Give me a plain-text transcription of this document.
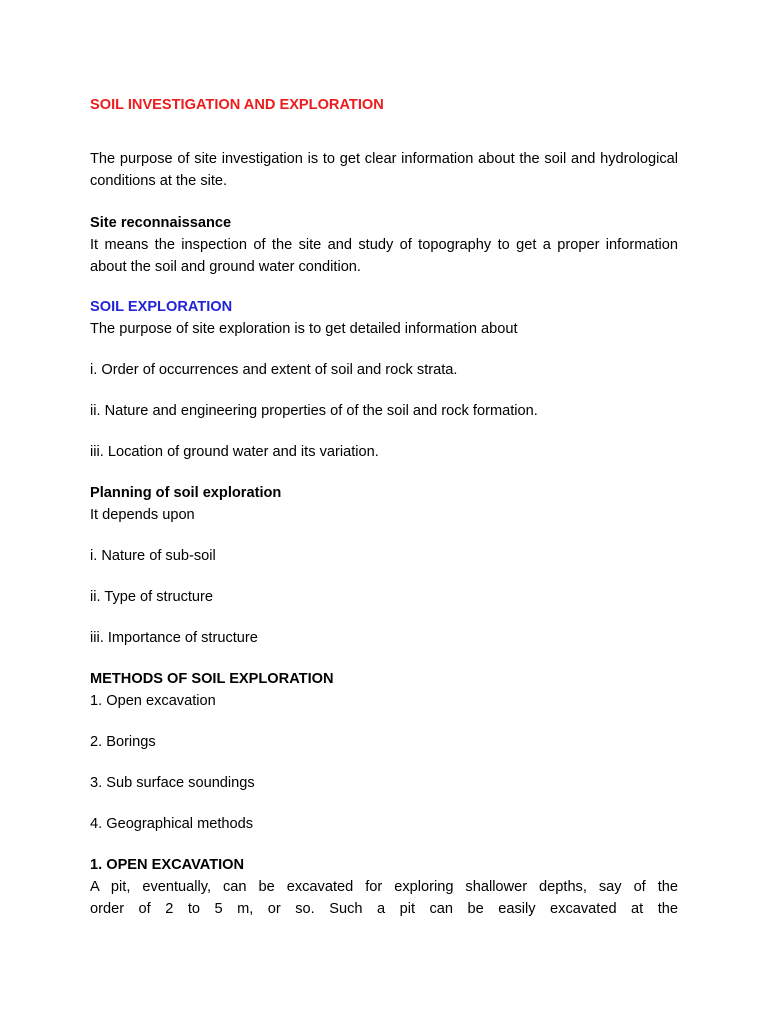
SOIL INVESTIGATION AND EXPLORATION

The purpose of site investigation is to get clear information about the soil and hydrological conditions at the site.

Site reconnaissance

It means the inspection of the site and study of topography to get a proper information about the soil and ground water condition.

SOIL EXPLORATION

The purpose of site exploration is to get detailed information about

i. Order of occurrences and extent of soil and rock strata.

ii. Nature and engineering properties of of the soil and rock formation.

iii. Location of ground water and its variation.

Planning of soil exploration

It depends upon

i. Nature of sub-soil

ii. Type of structure

iii. Importance of structure

METHODS OF SOIL EXPLORATION

1. Open excavation

2. Borings

3. Sub surface soundings

4. Geographical methods

1. OPEN EXCAVATION

A pit, eventually, can be excavated for exploring shallower depths, say of the

order of 2 to 5 m, or so. Such a pit can be easily excavated at the
